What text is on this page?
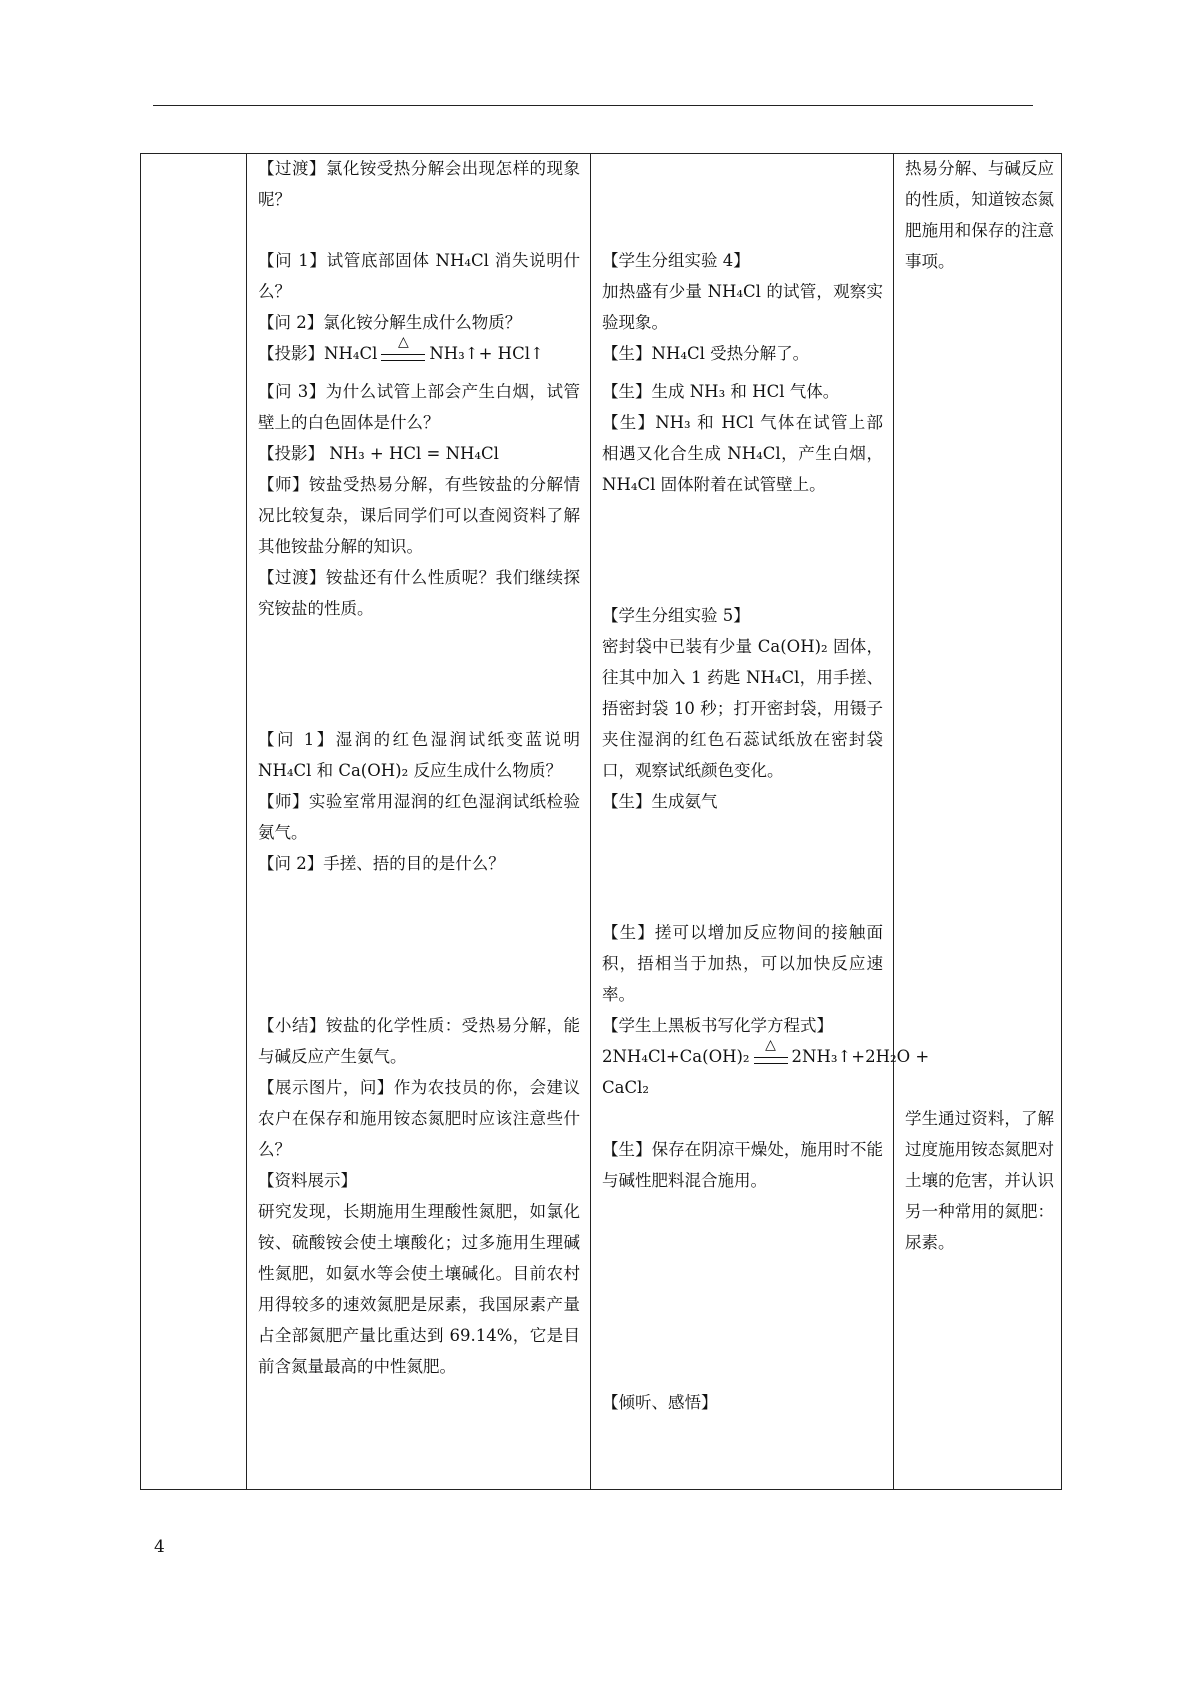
【过渡】氯化铵受热分解会出现怎样的现象呢？

【问 1】试管底部固体 NH₄Cl 消失说明什么？

【问 2】氯化铵分解生成什么物质？

【投影】NH₄Cl
△
NH₃↑+ HCl↑

【问 3】为什么试管上部会产生白烟，试管壁上的白色固体是什么？

【投影】 NH₃ + HCl = NH₄Cl

【师】铵盐受热易分解，有些铵盐的分解情况比较复杂，课后同学们可以查阅资料了解其他铵盐分解的知识。

【过渡】铵盐还有什么性质呢？我们继续探究铵盐的性质。

【问 1】湿润的红色湿润试纸变蓝说明 NH₄Cl 和 Ca(OH)₂ 反应生成什么物质？

【师】实验室常用湿润的红色湿润试纸检验氨气。

【问 2】手搓、捂的目的是什么？

【小结】铵盐的化学性质：受热易分解，能与碱反应产生氨气。

【展示图片，问】作为农技员的你，会建议农户在保存和施用铵态氮肥时应该注意些什么？

【资料展示】

研究发现，长期施用生理酸性氮肥，如氯化铵、硫酸铵会使土壤酸化；过多施用生理碱性氮肥，如氨水等会使土壤碱化。目前农村用得较多的速效氮肥是尿素，我国尿素产量占全部氮肥产量比重达到 69.14%，它是目前含氮量最高的中性氮肥。

【学生分组实验 4】

加热盛有少量 NH₄Cl 的试管，观察实验现象。

【生】NH₄Cl 受热分解了。

【生】生成 NH₃ 和 HCl 气体。

【生】NH₃ 和 HCl 气体在试管上部相遇又化合生成 NH₄Cl，产生白烟，NH₄Cl 固体附着在试管壁上。

【学生分组实验 5】

密封袋中已装有少量 Ca(OH)₂ 固体，往其中加入 1 药匙 NH₄Cl，用手搓、捂密封袋 10 秒；打开密封袋，用镊子夹住湿润的红色石蕊试纸放在密封袋口，观察试纸颜色变化。

【生】生成氨气

【生】搓可以增加反应物间的接触面积，捂相当于加热，可以加快反应速率。

【学生上黑板书写化学方程式】

2NH₄Cl+Ca(OH)₂
△
2NH₃↑+2H₂O +

CaCl₂

【生】保存在阴凉干燥处，施用时不能与碱性肥料混合施用。

【倾听、感悟】

热易分解、与碱反应的性质，知道铵态氮肥施用和保存的注意事项。

学生通过资料，了解过度施用铵态氮肥对土壤的危害，并认识另一种常用的氮肥：尿素。

4
